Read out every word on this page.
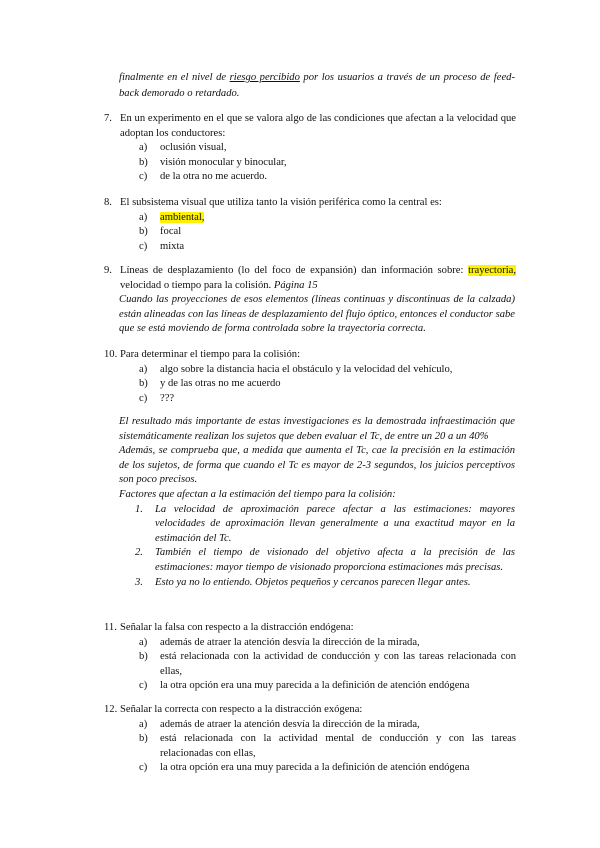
finalmente en el nivel de riesgo percibido por los usuarios a través de un proceso de feed-back demorado o retardado.
7. En un experimento en el que se valora algo de las condiciones que afectan a la velocidad que adoptan los conductores:
a)	oclusión visual,
b)	visión monocular y binocular,
c)	de la otra no me acuerdo.
8. El subsistema visual que utiliza tanto la visión periférica como la central es:
a)	ambiental,
b)	focal
c)	mixta
9. Líneas de desplazamiento (lo del foco de expansión) dan información sobre: trayectoria, velocidad o tiempo para la colisión. Página 15
Cuando las proyecciones de esos elementos (líneas continuas y discontinuas de la calzada) están alineadas con las líneas de desplazamiento del flujo óptico, entonces el conductor sabe que se está moviendo de forma controlada sobre la trayectoria correcta.
10. Para determinar el tiempo para la colisión:
a)	algo sobre la distancia hacia el obstáculo y la velocidad del vehículo,
b)	y de las otras no me acuerdo
c)	???
El resultado más importante de estas investigaciones es la demostrada infraestimación que sistemáticamente realizan los sujetos que deben evaluar el Tc, de entre un 20 a un 40%
Además, se comprueba que, a medida que aumenta el Tc, cae la precisión en la estimación de los sujetos, de forma que cuando el Tc es mayor de 2-3 segundos, los juicios perceptivos son poco precisos.
Factores que afectan a la estimación del tiempo para la colisión:
1.	La velocidad de aproximación parece afectar a las estimaciones: mayores velocidades de aproximación llevan generalmente a una exactitud mayor en la estimación del Tc.
2.	También el tiempo de visionado del objetivo afecta a la precisión de las estimaciones: mayor tiempo de visionado proporciona estimaciones más precisas.
3.	Esto ya no lo entiendo. Objetos pequeños y cercanos parecen llegar antes.
11. Señalar la falsa con respecto a la distracción endógena:
a)	además de atraer la atención desvía la dirección de la mirada,
b)	está relacionada con la actividad de conducción y con las tareas relacionada con ellas,
c)	la otra opción era una muy parecida a la definición de atención endógena
12. Señalar la correcta con respecto a la distracción exógena:
a)	además de atraer la atención desvía la dirección de la mirada,
b)	está relacionada con la actividad mental de conducción y con las tareas relacionadas con ellas,
c)	la otra opción era una muy parecida a la definición de atención endógena
